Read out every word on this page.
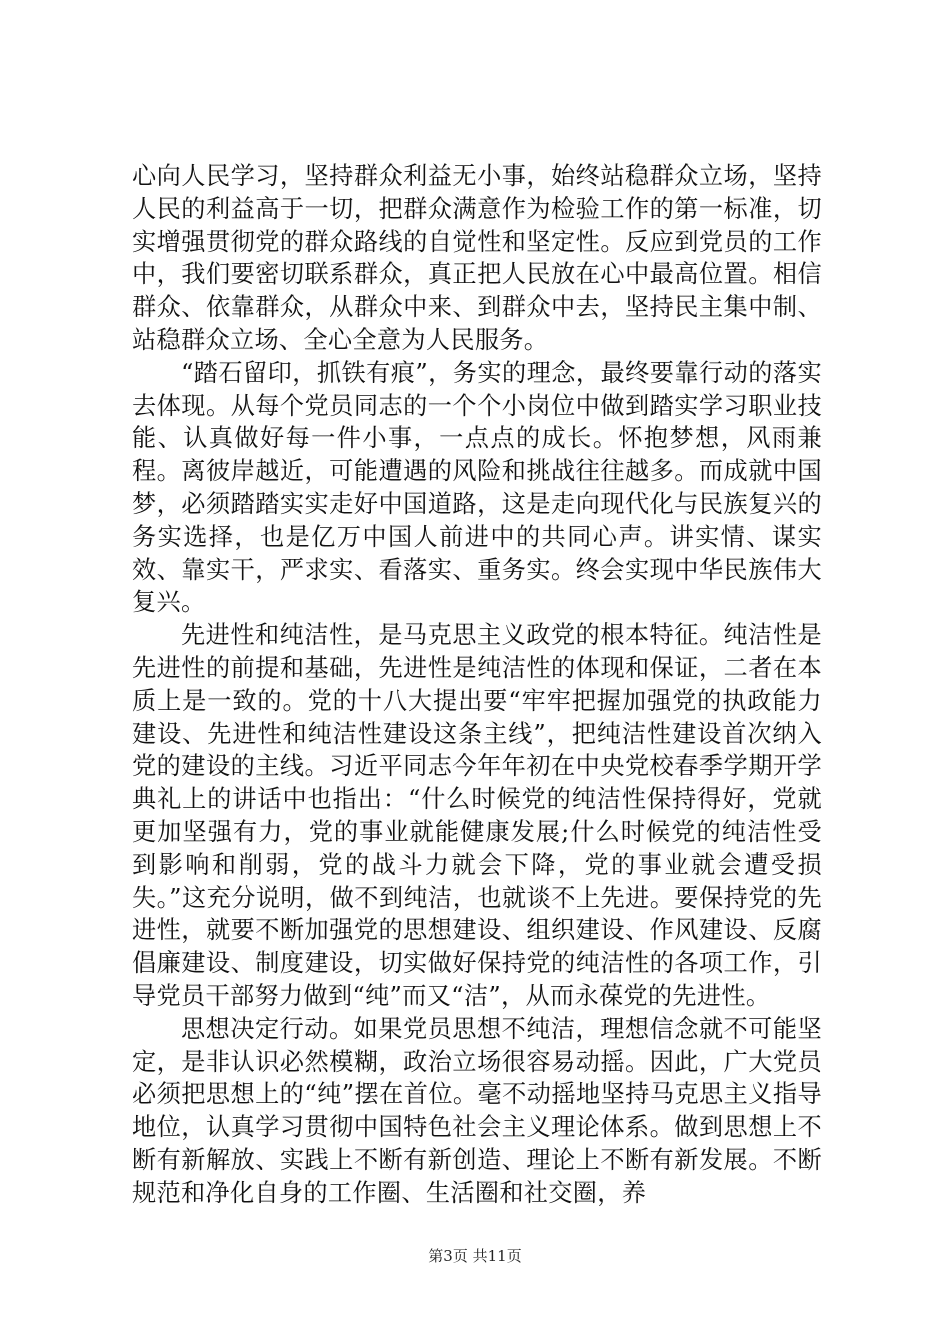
心向人民学习，坚持群众利益无小事，始终站稳群众立场，坚持人民的利益高于一切，把群众满意作为检验工作的第一标准，切实增强贯彻党的群众路线的自觉性和坚定性。反应到党员的工作中，我们要密切联系群众，真正把人民放在心中最高位置。相信群众、依靠群众，从群众中来、到群众中去，坚持民主集中制、站稳群众立场、全心全意为人民服务。

“踏石留印，抓铁有痕”，务实的理念，最终要靠行动的落实去体现。从每个党员同志的一个个小岗位中做到踏实学习职业技能、认真做好每一件小事，一点点的成长。怀抱梦想，风雨兼程。离彼岸越近，可能遭遇的风险和挑战往往越多。而成就中国梦，必须踏踏实实走好中国道路，这是走向现代化与民族复兴的务实选择，也是亿万中国人前进中的共同心声。讲实情、谋实效、靠实干，严求实、看落实、重务实。终会实现中华民族伟大复兴。

先进性和纯洁性，是马克思主义政党的根本特征。纯洁性是先进性的前提和基础，先进性是纯洁性的体现和保证，二者在本质上是一致的。党的十八大提出要“牢牢把握加强党的执政能力建设、先进性和纯洁性建设这条主线”，把纯洁性建设首次纳入党的建设的主线。习近平同志今年年初在中央党校春季学期开学典礼上的讲话中也指出：“什么时候党的纯洁性保持得好，党就更加坚强有力，党的事业就能健康发展;什么时候党的纯洁性受到影响和削弱，党的战斗力就会下降，党的事业就会遭受损失。”这充分说明，做不到纯洁，也就谈不上先进。要保持党的先进性，就要不断加强党的思想建设、组织建设、作风建设、反腐倡廉建设、制度建设，切实做好保持党的纯洁性的各项工作，引导党员干部努力做到“纯”而又“洁”，从而永葆党的先进性。

思想决定行动。如果党员思想不纯洁，理想信念就不可能坚定，是非认识必然模糊，政治立场很容易动摇。因此，广大党员必须把思想上的“纯”摆在首位。毫不动摇地坚持马克思主义指导地位，认真学习贯彻中国特色社会主义理论体系。做到思想上不断有新解放、实践上不断有新创造、理论上不断有新发展。不断规范和净化自身的工作圈、生活圈和社交圈，养

第3页 共11页
